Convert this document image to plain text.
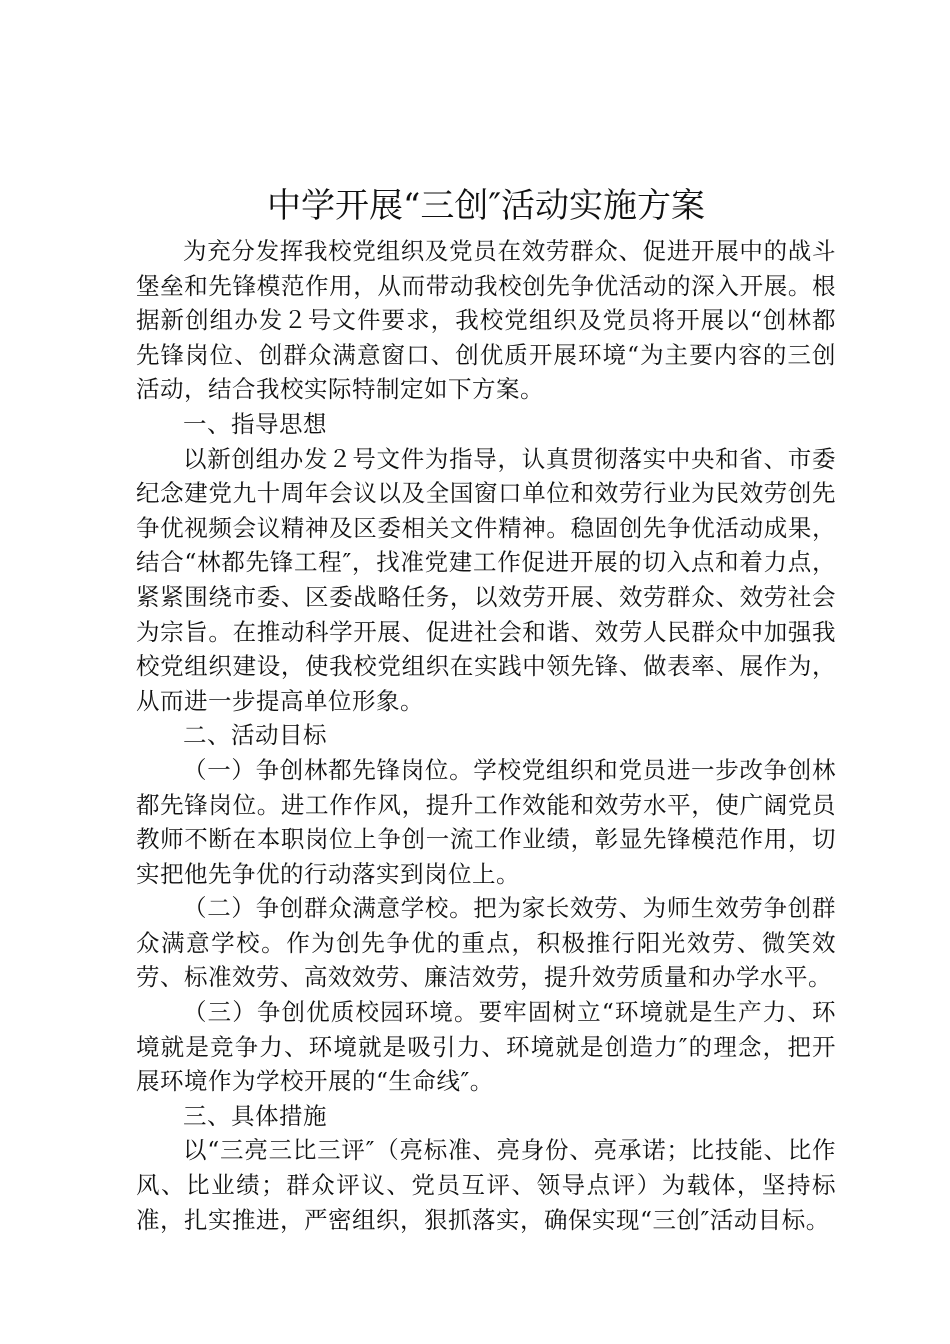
中学开展“三创″活动实施方案

为充分发挥我校党组织及党员在效劳群众、促进开展中的战斗堡垒和先锋模范作用，从而带动我校创先争优活动的深入开展。根据新创组办发２号文件要求，我校党组织及党员将开展以“创林都先锋岗位、创群众满意窗口、创优质开展环境“为主要内容的三创活动，结合我校实际特制定如下方案。

一、指导思想

以新创组办发２号文件为指导，认真贯彻落实中央和省、市委纪念建党九十周年会议以及全国窗口单位和效劳行业为民效劳创先争优视频会议精神及区委相关文件精神。稳固创先争优活动成果，结合“林都先锋工程″，找准党建工作促进开展的切入点和着力点，紧紧围绕市委、区委战略任务，以效劳开展、效劳群众、效劳社会为宗旨。在推动科学开展、促进社会和谐、效劳人民群众中加强我校党组织建设，使我校党组织在实践中领先锋、做表率、展作为，从而进一步提高单位形象。

二、活动目标

（一）争创林都先锋岗位。学校党组织和党员进一步改争创林都先锋岗位。进工作作风，提升工作效能和效劳水平，使广阔党员教师不断在本职岗位上争创一流工作业绩，彰显先锋模范作用，切实把他先争优的行动落实到岗位上。

（二）争创群众满意学校。把为家长效劳、为师生效劳争创群众满意学校。作为创先争优的重点，积极推行阳光效劳、微笑效劳、标准效劳、高效效劳、廉洁效劳，提升效劳质量和办学水平。

（三）争创优质校园环境。要牢固树立“环境就是生产力、环境就是竞争力、环境就是吸引力、环境就是创造力″的理念，把开展环境作为学校开展的“生命线″。

三、具体措施

以“三亮三比三评″（亮标准、亮身份、亮承诺；比技能、比作风、比业绩；群众评议、党员互评、领导点评）为载体，坚持标准，扎实推进，严密组织，狠抓落实，确保实现“三创″活动目标。
